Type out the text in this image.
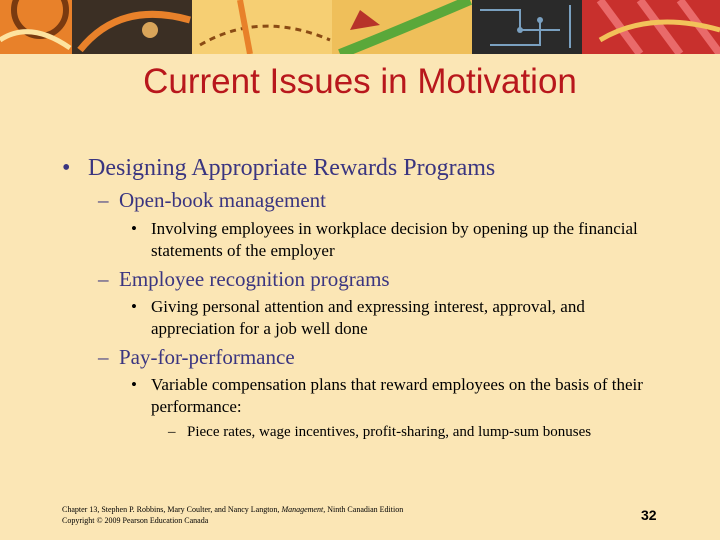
Current Issues in Motivation
• Designing Appropriate Rewards Programs
– Open-book management
• Involving employees in workplace decision by opening up the financial statements of the employer
– Employee recognition programs
• Giving personal attention and expressing interest, approval, and appreciation for a job well done
– Pay-for-performance
• Variable compensation plans that reward employees on the basis of their performance:
– Piece rates, wage incentives, profit-sharing, and lump-sum bonuses
Chapter 13, Stephen P. Robbins, Mary Coulter, and Nancy Langton, Management, Ninth Canadian Edition
Copyright © 2009 Pearson Education Canada	32
